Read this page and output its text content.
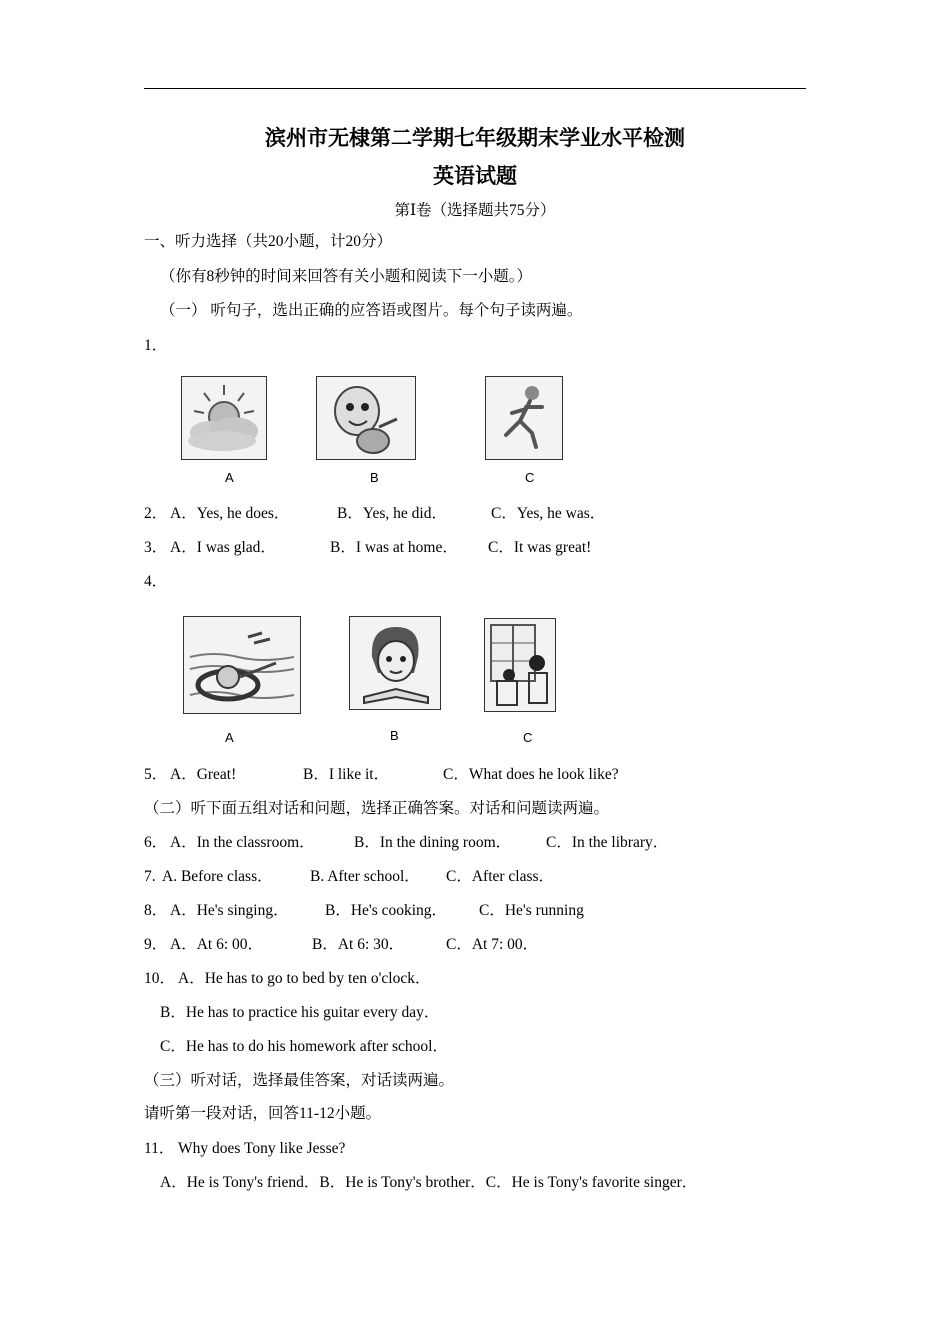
滨州市无棣第二学期七年级期末学业水平检测
英语试题
第Ⅰ卷（选择题共75分）
一、听力选择（共20小题，计20分）
（你有8秒钟的时间来回答有关小题和阅读下一小题。）
（一） 听句子，选出正确的应答语或图片。每个句子读两遍。
1．
A	B	C
2． A．Yes, he does．	B．Yes, he did．	C．Yes, he was．
3． A．I was glad．	B．I was at home． C．It was great!
4．
A	B	C
5． A．Great!	B．I like it．	C．What does he look like?
（二）听下面五组对话和问题，选择正确答案。对话和问题读两遍。
6． A．In the classroom．	B．In the dining room． C．In the library．
7. A. Before class． B. After school． C．After class．
8． A．He's singing． B．He's cooking． C．He's running
9． A．At 6: 00．	B．At 6: 30．	C．At 7: 00．
10． A．He has to go to bed by ten o'clock．
B．He has to practice his guitar every day．
C．He has to do his homework after school．
（三）听对话，选择最佳答案，对话读两遍。
请听第一段对话，回答11-12小题。
11． Why does Tony like Jesse?
A．He is Tony's friend．B．He is Tony's brother．C．He is Tony's favorite singer．
